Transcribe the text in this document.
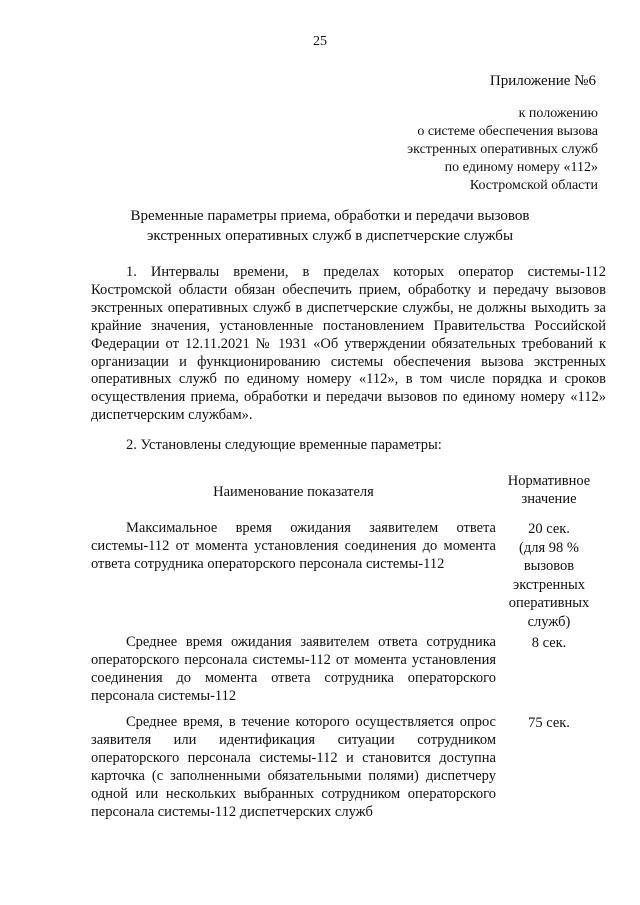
25
Приложение №6
к положению
о системе обеспечения вызова
экстренных оперативных служб
по единому номеру «112»
Костромской области
Временные параметры приема, обработки и передачи вызовов
экстренных оперативных служб в диспетчерские службы
1. Интервалы времени, в пределах которых оператор системы-112 Костромской области обязан обеспечить прием, обработку и передачу вызовов экстренных оперативных служб в диспетчерские службы, не должны выходить за крайние значения, установленные постановлением Правительства Российской Федерации от 12.11.2021 № 1931 «Об утверждении обязательных требований к организации и функционированию системы обеспечения вызова экстренных оперативных служб по единому номеру «112», в том числе порядка и сроков осуществления приема, обработки и передачи вызовов по единому номеру «112» диспетчерским службам».
2. Установлены следующие временные параметры:
Наименование показателя
Нормативное
значение
Максимальное время ожидания заявителем ответа системы-112 от момента установления соединения до момента ответа сотрудника операторского персонала системы-112
20 сек.
(для 98 %
вызовов
экстренных
оперативных
служб)
Среднее время ожидания заявителем ответа сотрудника операторского персонала системы-112 от момента установления соединения до момента ответа сотрудника операторского персонала системы-112
8 сек.
Среднее время, в течение которого осуществляется опрос заявителя или идентификация ситуации сотрудником операторского персонала системы-112 и становится доступна карточка (с заполненными обязательными полями) диспетчеру одной или нескольких выбранных сотрудником операторского персонала системы-112 диспетчерских служб
75 сек.
